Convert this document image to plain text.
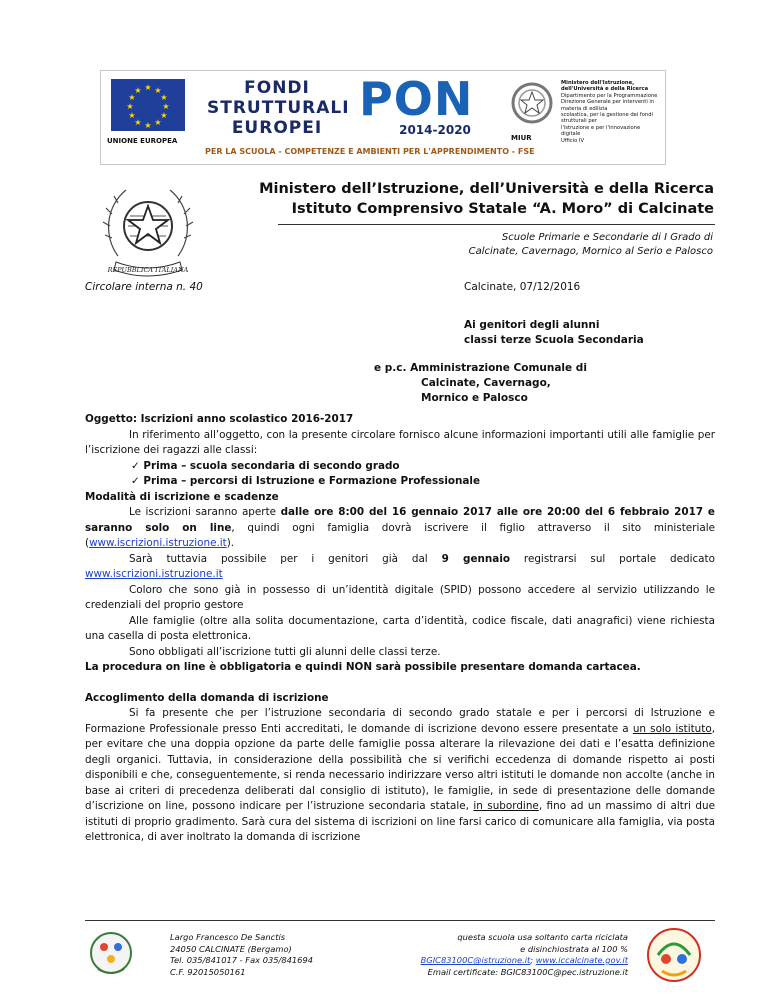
★ ★
★
★
★
★
★
★
★
★
★
★
UNIONE EUROPEA
FONDI
STRUTTURALI
EUROPEI
PON
2014-2020
PER LA SCUOLA - COMPETENZE E AMBIENTI PER L'APPRENDIMENTO - FSE
Ministero dell'Istruzione, dell'Università e della Ricerca
Dipartimento per la Programmazione
Direzione Generale per interventi in materia di edilizia
scolastica, per la gestione dei fondi strutturali per
l'istruzione e per l'innovazione digitale
Ufficio IV
MIUR
REPUBBLICA ITALIANA
Ministero dell’Istruzione, dell’Università e della Ricerca
Istituto Comprensivo Statale “A. Moro” di Calcinate
Scuole Primarie e Secondarie di I Grado di
Calcinate, Cavernago, Mornico al Serio e Palosco
Circolare interna n. 40	Calcinate, 07/12/2016
Ai genitori degli alunni
classi terze Scuola Secondaria
e p.c. Amministrazione Comunale di
Calcinate, Cavernago,
Mornico e Palosco

Oggetto: Iscrizioni anno scolastico 2016-2017

In riferimento all’oggetto, con la presente circolare fornisco alcune informazioni importanti utili alle famiglie per l’iscrizione dei ragazzi alle classi:

✓ Prima – scuola secondaria di secondo grado

✓ Prima – percorsi di Istruzione e Formazione Professionale

Modalità di iscrizione e scadenze

Le iscrizioni saranno aperte dalle ore 8:00 del 16 gennaio 2017 alle ore 20:00 del 6 febbraio 2017 e saranno solo on line, quindi ogni famiglia dovrà iscrivere il figlio attraverso il sito ministeriale (www.iscrizioni.istruzione.it).

Sarà tuttavia possibile per i genitori già dal 9 gennaio registrarsi sul portale dedicato www.iscrizioni.istruzione.it

Coloro che sono già in possesso di un’identità digitale (SPID) possono accedere al servizio utilizzando le credenziali del proprio gestore

Alle famiglie (oltre alla solita documentazione, carta d’identità, codice fiscale, dati anagrafici) viene richiesta una casella di posta elettronica.

Sono obbligati all’iscrizione tutti gli alunni delle classi terze.

La procedura on line è obbligatoria e quindi NON sarà possibile presentare domanda cartacea.

Accoglimento della domanda di iscrizione

Si fa presente che per l’istruzione secondaria di secondo grado statale e per i percorsi di Istruzione e Formazione Professionale presso Enti accreditati, le domande di iscrizione devono essere presentate a un solo istituto, per evitare che una doppia opzione da parte delle famiglie possa alterare la rilevazione dei dati e l’esatta definizione degli organici. Tuttavia, in considerazione della possibilità che si verifichi eccedenza di domande rispetto ai posti disponibili e che, conseguentemente, si renda necessario indirizzare verso altri istituti le domande non accolte (anche in base ai criteri di precedenza deliberati dal consiglio di istituto), le famiglie, in sede di presentazione delle domande d’iscrizione on line, possono indicare per l’istruzione secondaria statale, in subordine, fino ad un massimo di altri due istituti di proprio gradimento. Sarà cura del sistema di iscrizioni on line farsi carico di comunicare alla famiglia, via posta elettronica, di aver inoltrato la domanda di iscrizione

Largo Francesco De Sanctis
24050 CALCINATE (Bergamo)
Tel. 035/841017 - Fax 035/841694
C.F. 92015050161
questa scuola usa soltanto carta riciclata
e disinchiostrata al 100 %
BGIC83100C@istruzione.it; www.iccalcinate.gov.it
Email certificate: BGIC83100C@pec.istruzione.it
